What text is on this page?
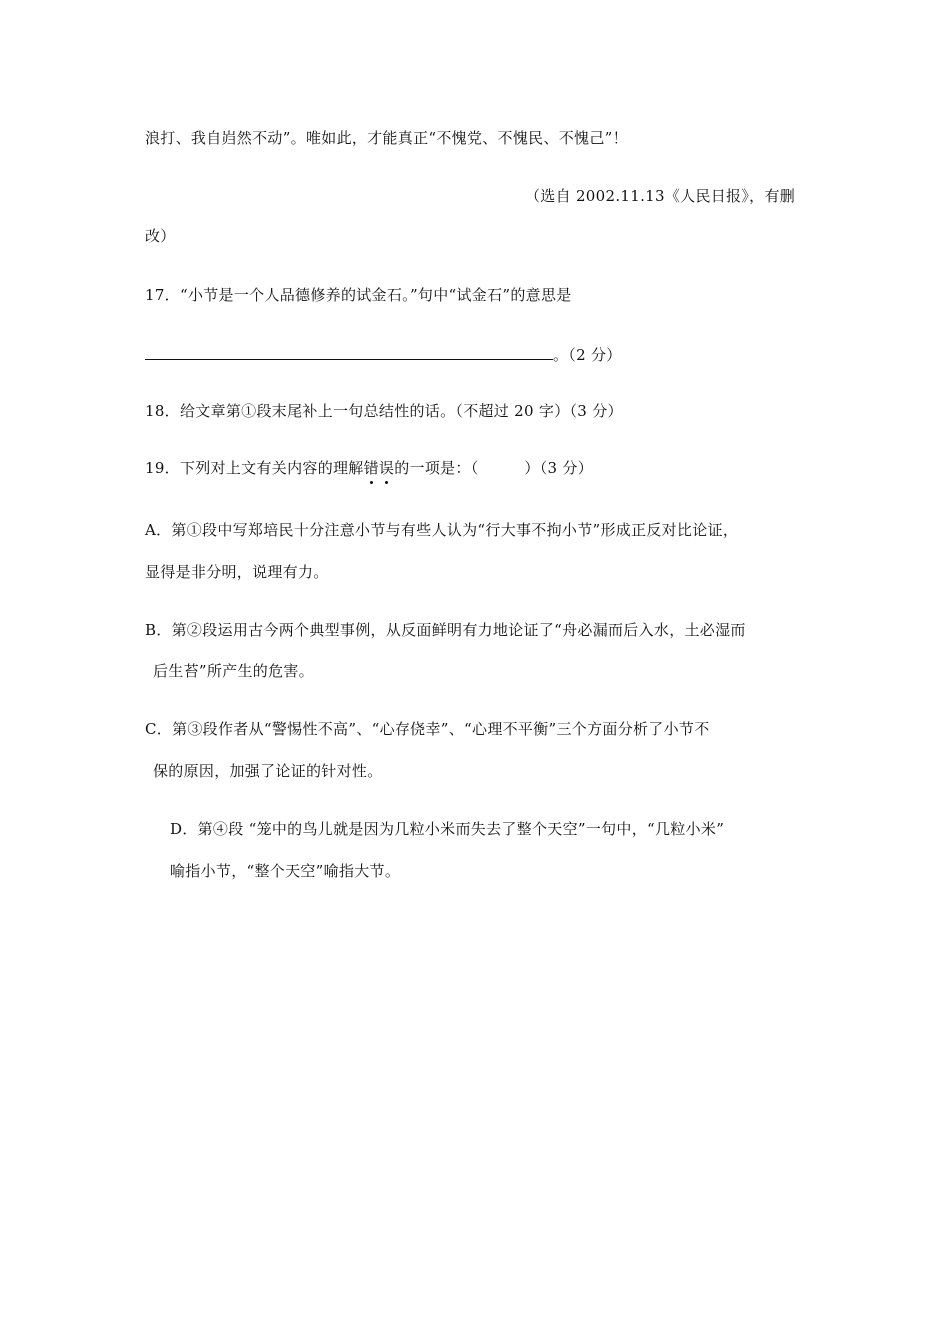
浪打、我自岿然不动”。唯如此，才能真正“不愧党、不愧民、不愧己”！
（选自 2002.11.13《人民日报》，有删
改）
17．“小节是一个人品德修养的试金石。”句中“试金石”的意思是
。（2 分）
18．给文章第①段末尾补上一句总结性的话。（不超过 20 字）（3 分）
19．下列对上文有关内容的理解错误的一项是：（　　　）（3 分）
A．第①段中写郑培民十分注意小节与有些人认为“行大事不拘小节”形成正反对比论证，
显得是非分明，说理有力。
B．第②段运用古今两个典型事例，从反面鲜明有力地论证了“舟必漏而后入水，土必湿而
后生苔”所产生的危害。
C．第③段作者从“警惕性不高”、“心存侥幸”、“心理不平衡”三个方面分析了小节不
保的原因，加强了论证的针对性。
D．第④段 “笼中的鸟儿就是因为几粒小米而失去了整个天空”一句中，“几粒小米”
喻指小节，“整个天空”喻指大节。
